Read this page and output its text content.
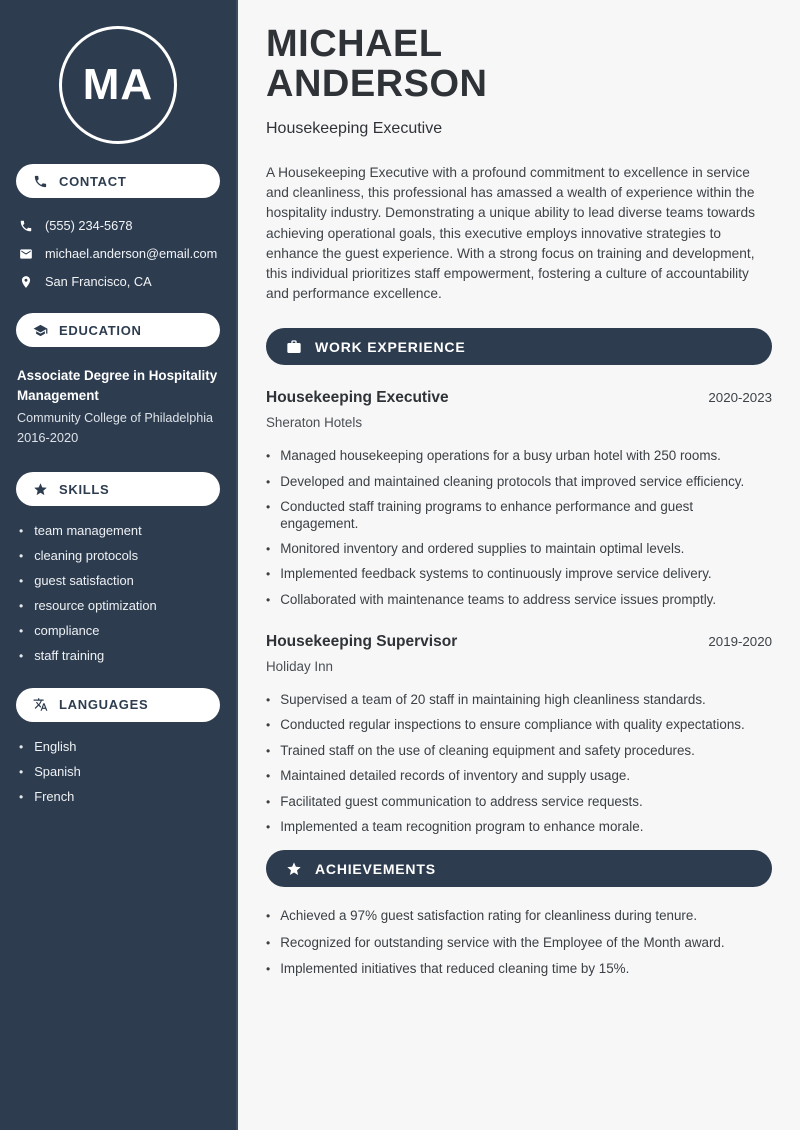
MA
CONTACT
(555) 234-5678
michael.anderson@email.com
San Francisco, CA
EDUCATION
Associate Degree in Hospitality Management
Community College of Philadelphia
2016-2020
SKILLS
• team management
• cleaning protocols
• guest satisfaction
• resource optimization
• compliance
• staff training
LANGUAGES
• English
• Spanish
• French
MICHAEL
ANDERSON
Housekeeping Executive
A Housekeeping Executive with a profound commitment to excellence in service and cleanliness, this professional has amassed a wealth of experience within the hospitality industry. Demonstrating a unique ability to lead diverse teams towards achieving operational goals, this executive employs innovative strategies to enhance the guest experience. With a strong focus on training and development, this individual prioritizes staff empowerment, fostering a culture of accountability and performance excellence.
WORK EXPERIENCE
Housekeeping Executive	2020-2023
Sheraton Hotels
• Managed housekeeping operations for a busy urban hotel with 250 rooms.
• Developed and maintained cleaning protocols that improved service efficiency.
• Conducted staff training programs to enhance performance and guest engagement.
• Monitored inventory and ordered supplies to maintain optimal levels.
• Implemented feedback systems to continuously improve service delivery.
• Collaborated with maintenance teams to address service issues promptly.
Housekeeping Supervisor	2019-2020
Holiday Inn
• Supervised a team of 20 staff in maintaining high cleanliness standards.
• Conducted regular inspections to ensure compliance with quality expectations.
• Trained staff on the use of cleaning equipment and safety procedures.
• Maintained detailed records of inventory and supply usage.
• Facilitated guest communication to address service requests.
• Implemented a team recognition program to enhance morale.
ACHIEVEMENTS
• Achieved a 97% guest satisfaction rating for cleanliness during tenure.
• Recognized for outstanding service with the Employee of the Month award.
• Implemented initiatives that reduced cleaning time by 15%.
